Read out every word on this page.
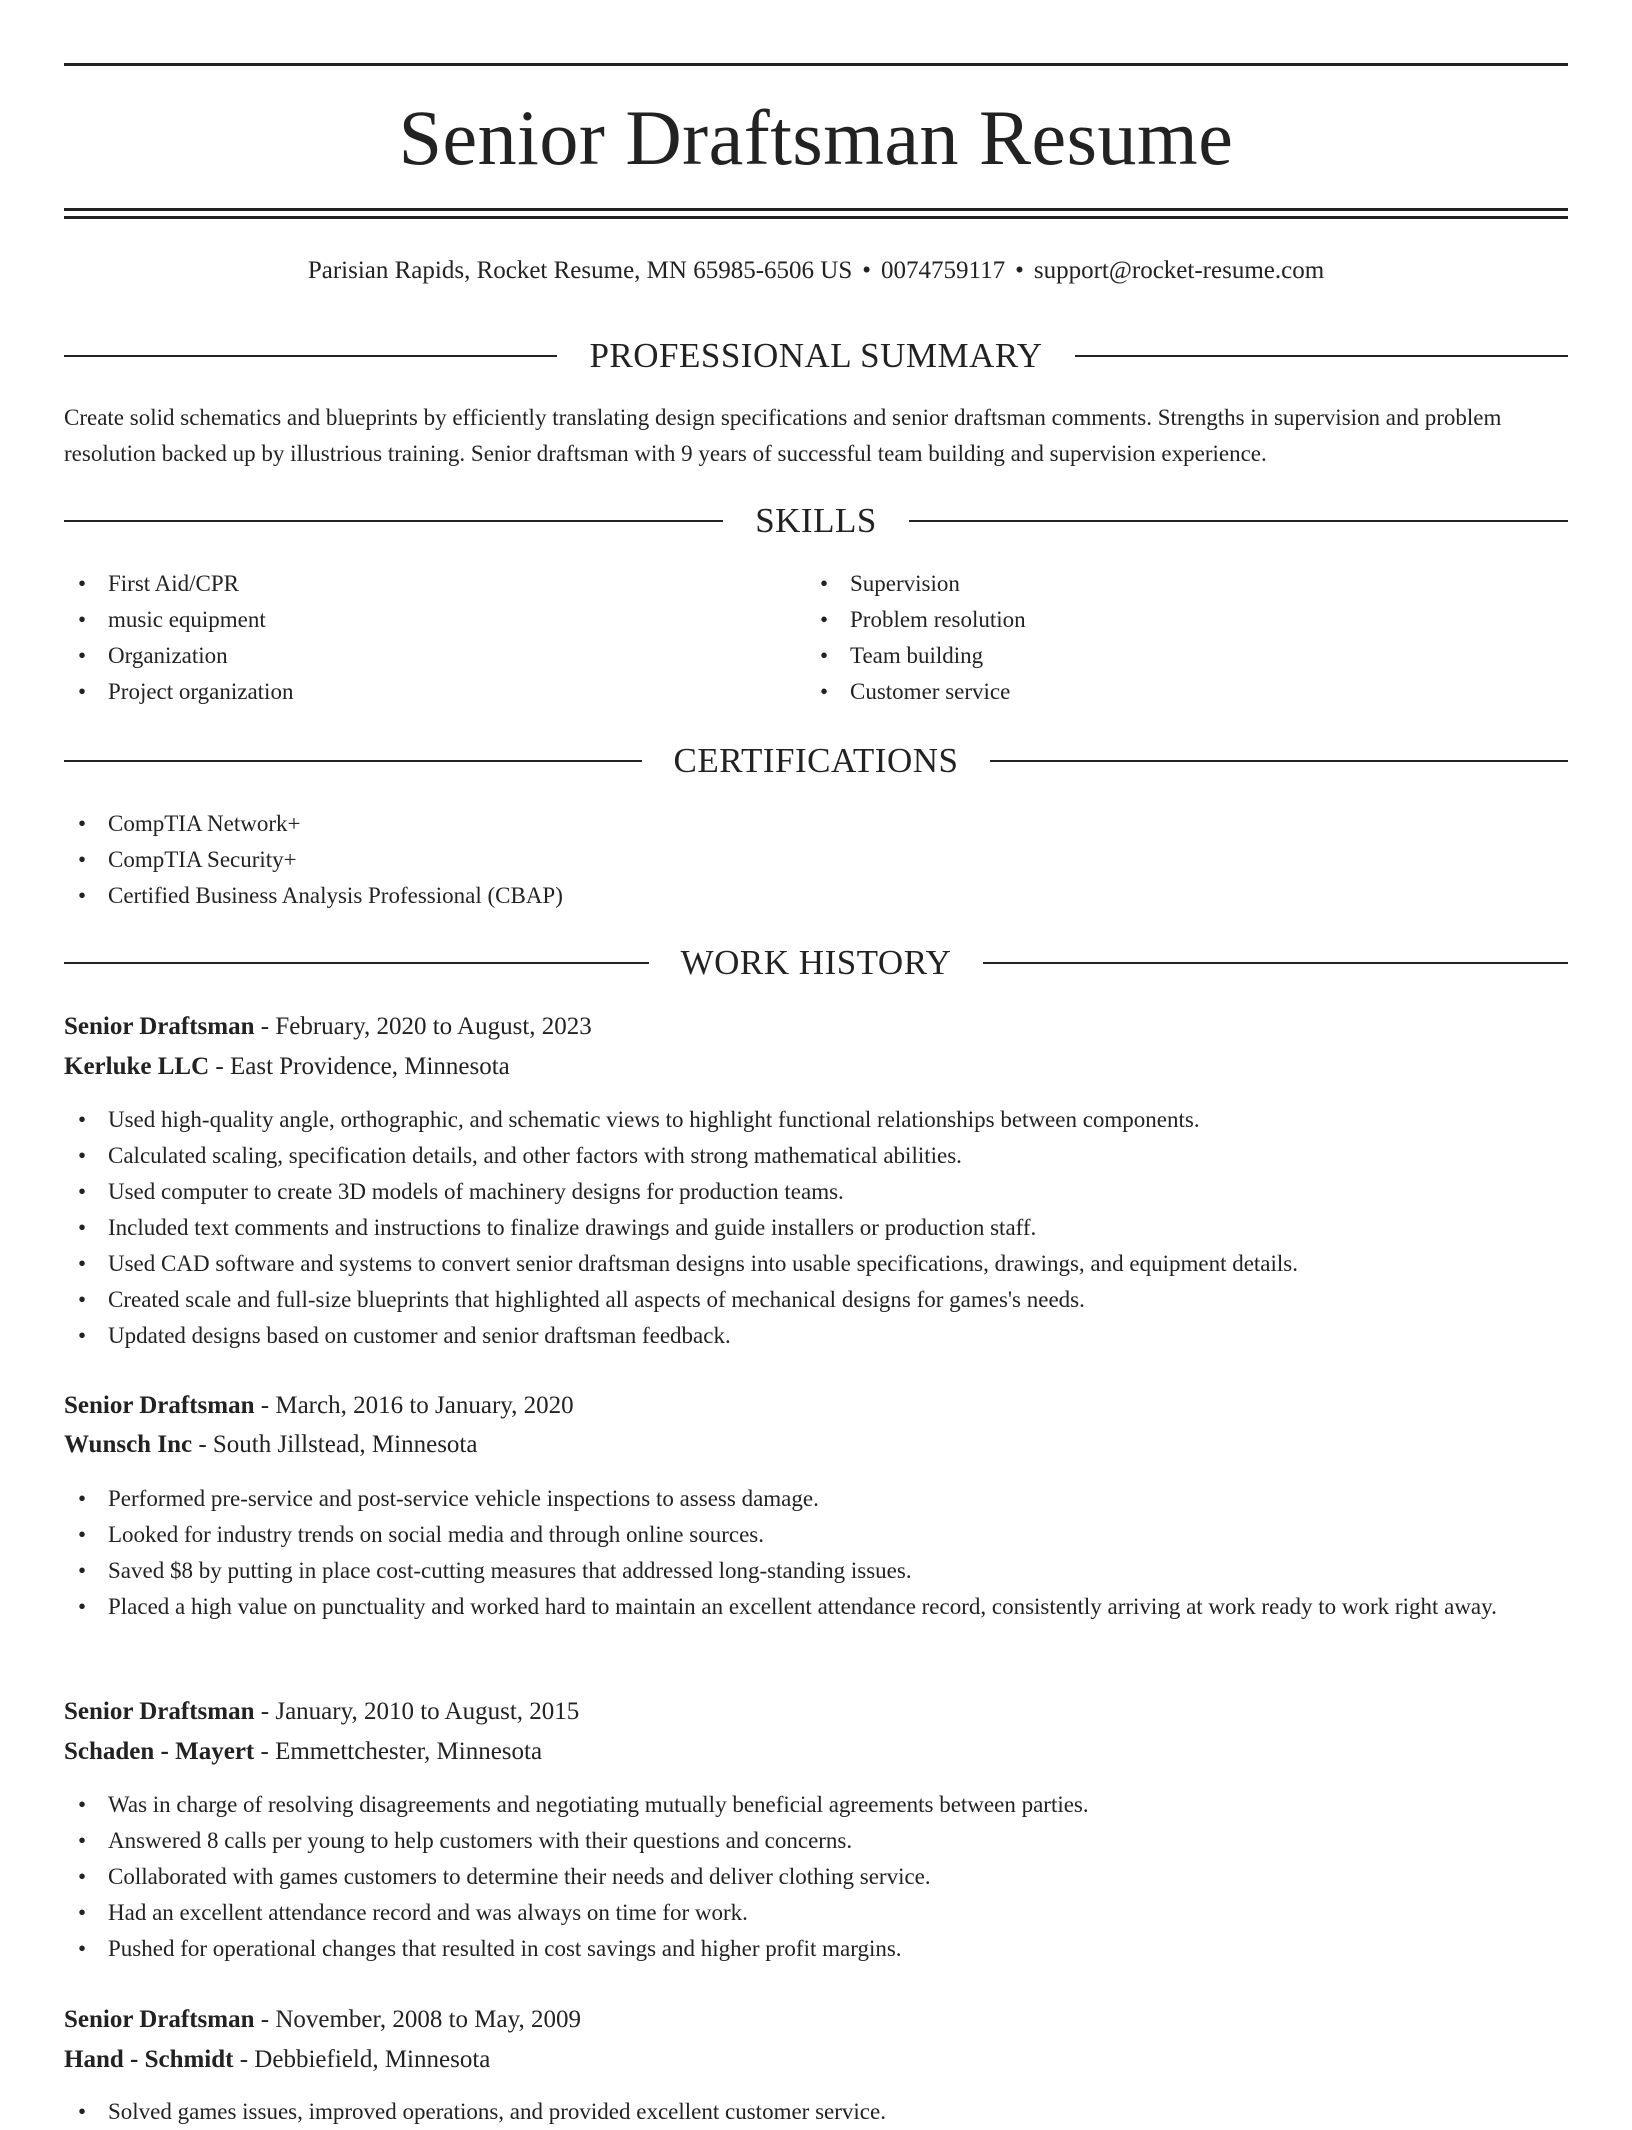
Senior Draftsman Resume
Parisian Rapids, Rocket Resume, MN 65985-6506 US • 0074759117 • support@rocket-resume.com
PROFESSIONAL SUMMARY

Create solid schematics and blueprints by efficiently translating design specifications and senior draftsman comments. Strengths in supervision and problem resolution backed up by illustrious training. Senior draftsman with 9 years of successful team building and supervision experience.

SKILLS
• First Aid/CPR
• music equipment
• Organization
• Project organization
• Supervision
• Problem resolution
• Team building
• Customer service
CERTIFICATIONS
• CompTIA Network+
• CompTIA Security+
• Certified Business Analysis Professional (CBAP)
WORK HISTORY
Senior Draftsman - February, 2020 to August, 2023
Kerluke LLC - East Providence, Minnesota
• Used high-quality angle, orthographic, and schematic views to highlight functional relationships between components.
• Calculated scaling, specification details, and other factors with strong mathematical abilities.
• Used computer to create 3D models of machinery designs for production teams.
• Included text comments and instructions to finalize drawings and guide installers or production staff.
• Used CAD software and systems to convert senior draftsman designs into usable specifications, drawings, and equipment details.
• Created scale and full-size blueprints that highlighted all aspects of mechanical designs for games's needs.
• Updated designs based on customer and senior draftsman feedback.
Senior Draftsman - March, 2016 to January, 2020
Wunsch Inc - South Jillstead, Minnesota
• Performed pre-service and post-service vehicle inspections to assess damage.
• Looked for industry trends on social media and through online sources.
• Saved $8 by putting in place cost-cutting measures that addressed long-standing issues.
• Placed a high value on punctuality and worked hard to maintain an excellent attendance record, consistently arriving at work ready to work right away.
Senior Draftsman - January, 2010 to August, 2015
Schaden - Mayert - Emmettchester, Minnesota
• Was in charge of resolving disagreements and negotiating mutually beneficial agreements between parties.
• Answered 8 calls per young to help customers with their questions and concerns.
• Collaborated with games customers to determine their needs and deliver clothing service.
• Had an excellent attendance record and was always on time for work.
• Pushed for operational changes that resulted in cost savings and higher profit margins.
Senior Draftsman - November, 2008 to May, 2009
Hand - Schmidt - Debbiefield, Minnesota
• Solved games issues, improved operations, and provided excellent customer service.
